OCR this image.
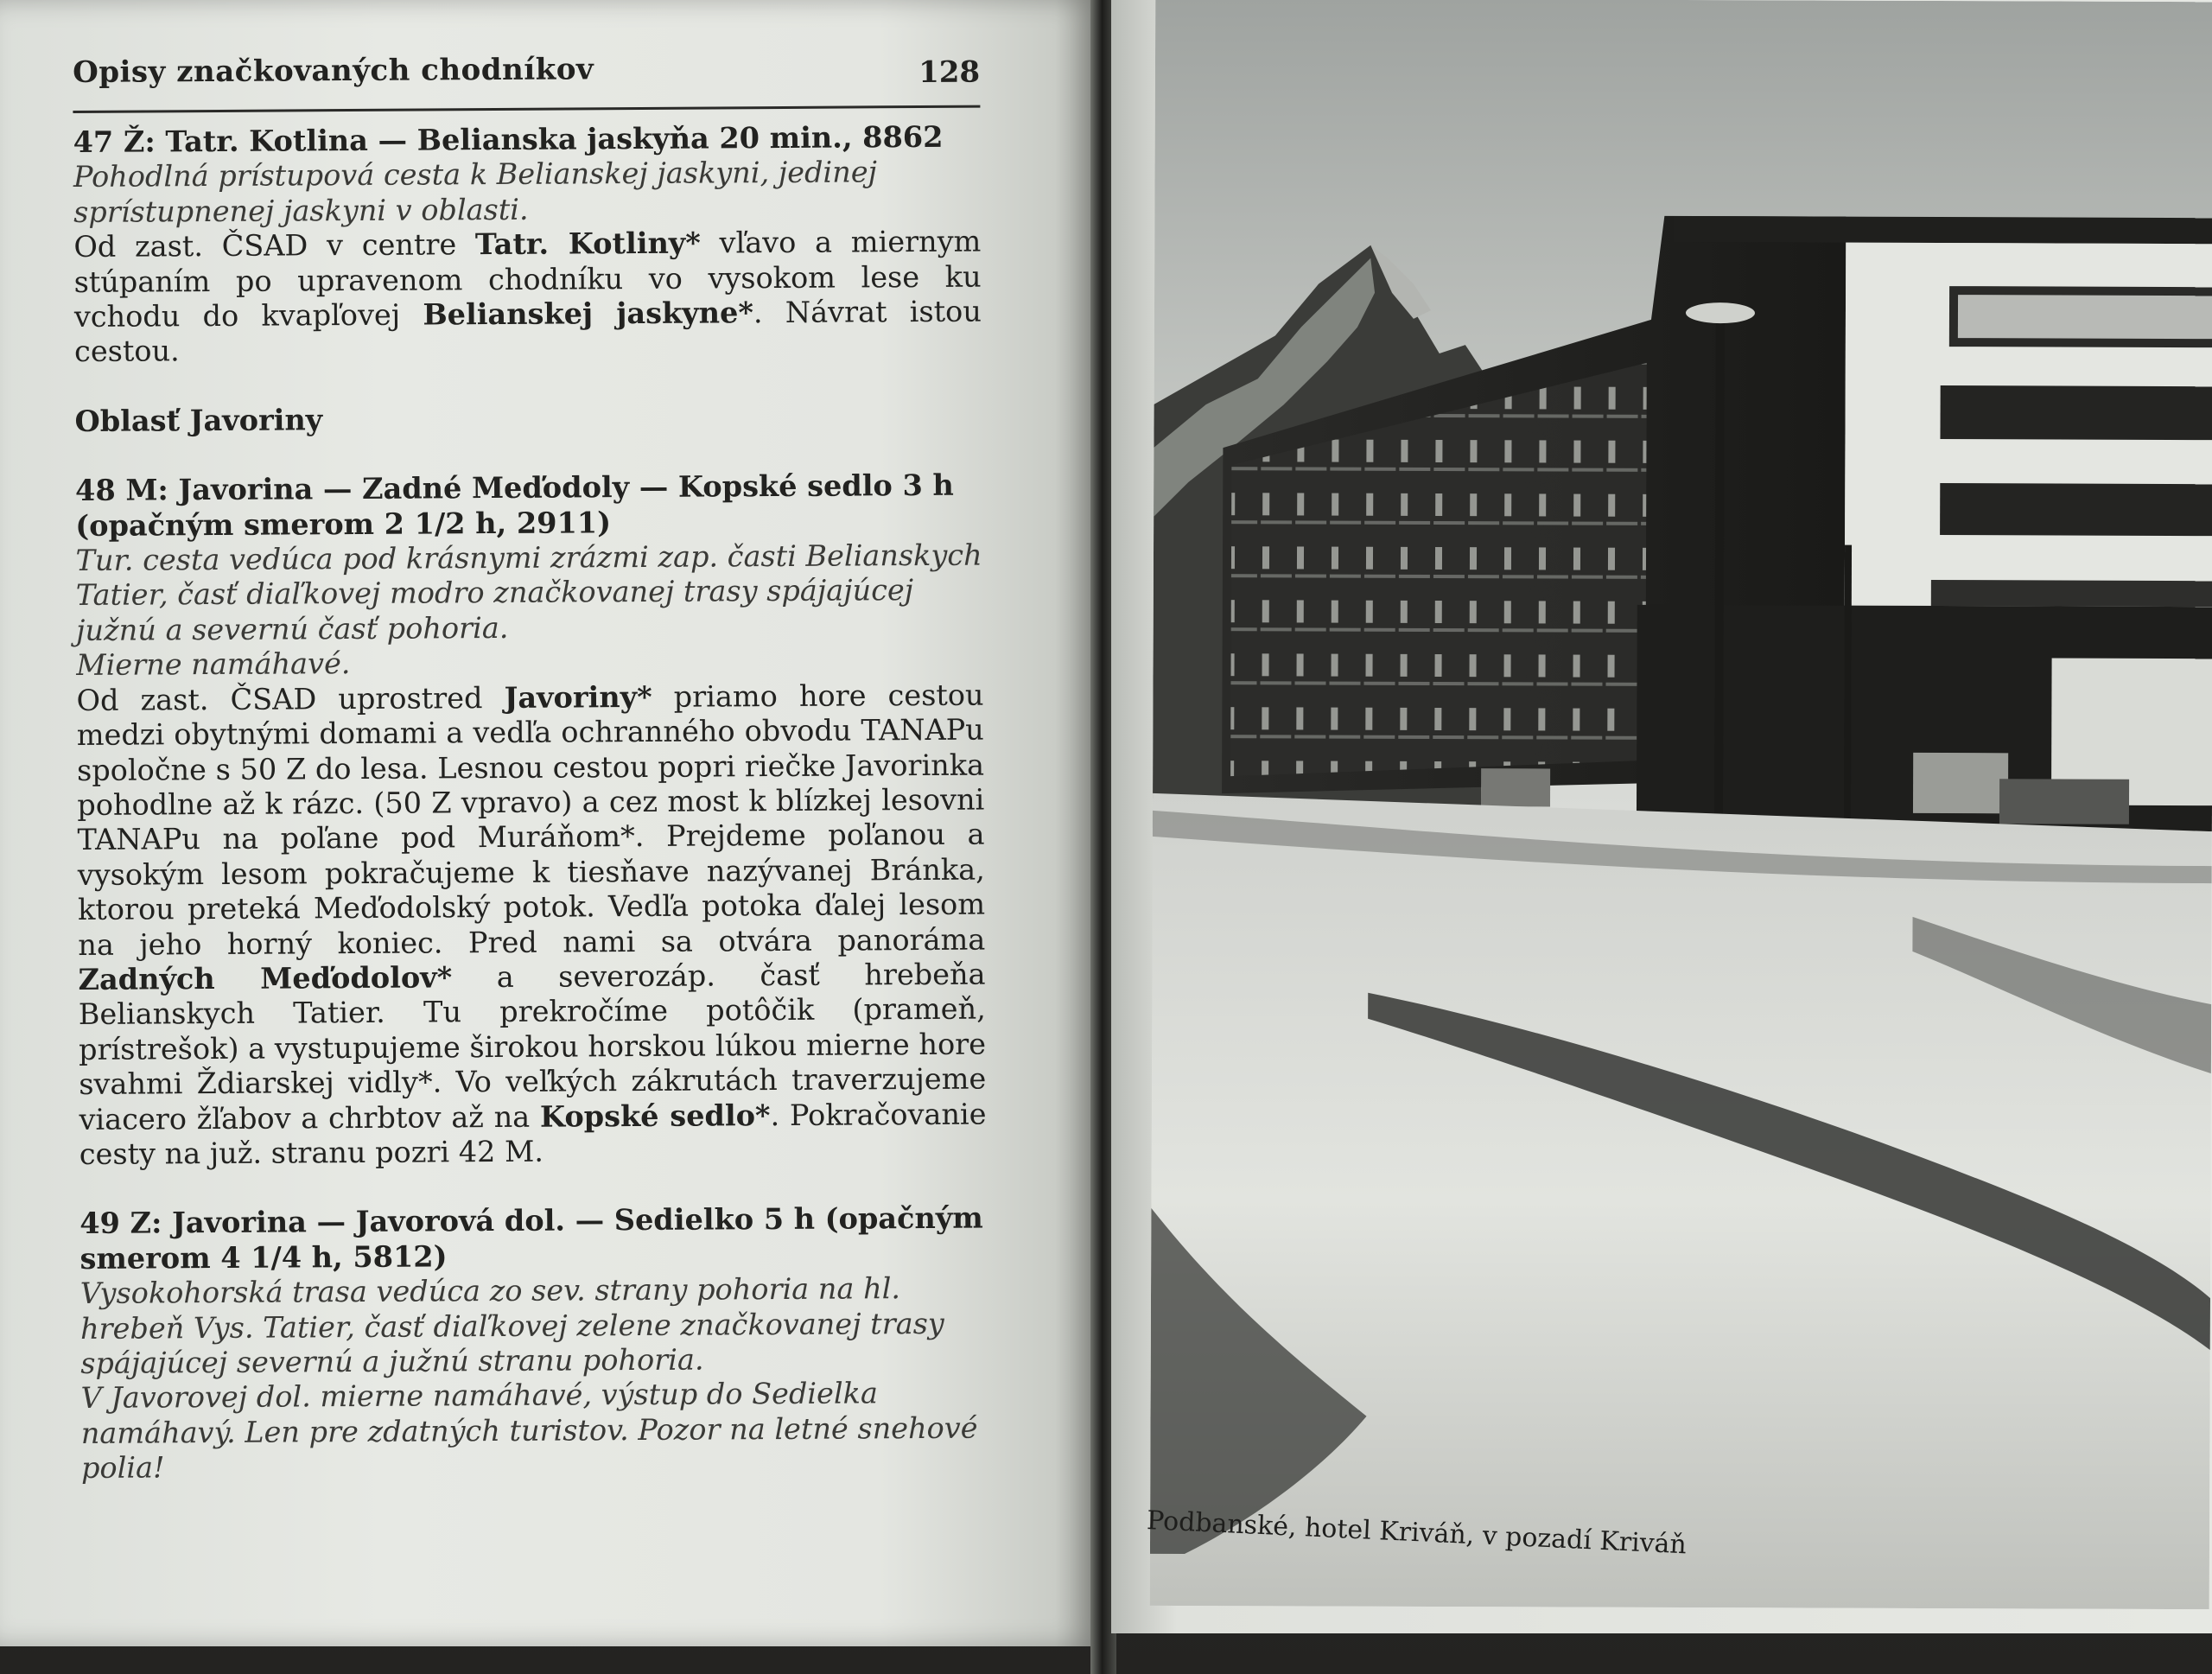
Opisy značkovaných chodníkov	128
47 Ž: Tatr. Kotlina — Belianska jaskyňa 20 min., 8862
Pohodlná prístupová cesta k Belianskej jaskyni, jedinej sprístupnenej jaskyni v oblasti.
Od zast. ČSAD v centre Tatr. Kotliny* vľavo a miernym stúpaním po upravenom chodníku vo vysokom lese ku vchodu do kvapľovej Belianskej jaskyne*. Návrat istou cestou.
Oblasť Javoriny
48 M: Javorina — Zadné Meďodoly — Kopské sedlo 3 h (opačným smerom 2 1/2 h, 2911)
Tur. cesta vedúca pod krásnymi zrázmi zap. časti Belianskych Tatier, časť diaľkovej modro značkovanej trasy spájajúcej južnú a severnú časť pohoria.
Mierne namáhavé.
Od zast. ČSAD uprostred Javoriny* priamo hore cestou medzi obytnými domami a vedľa ochranného obvodu TANAPu spoločne s 50 Z do lesa. Lesnou cestou popri riečke Javorinka pohodlne až k rázc. (50 Z vpravo) a cez most k blízkej lesovni TANAPu na poľane pod Muráňom*. Prejdeme poľanou a vysokým lesom pokračujeme k tiesňave nazývanej Bránka, ktorou preteká Meďodolský potok. Vedľa potoka ďalej lesom na jeho horný koniec. Pred nami sa otvára panoráma Zadných Meďodolov* a severozáp. časť hrebeňa Belianskych Tatier. Tu prekročíme potôčik (prameň, prístrešok) a vystupujeme širokou horskou lúkou mierne hore svahmi Ždiarskej vidly*. Vo veľkých zákrutách traverzujeme viacero žľabov a chrbtov až na Kopské sedlo*. Pokračovanie cesty na juž. stranu pozri 42 M.
49 Z: Javorina — Javorová dol. — Sedielko 5 h (opačným smerom 4 1/4 h, 5812)
Vysokohorská trasa vedúca zo sev. strany pohoria na hl. hrebeň Vys. Tatier, časť diaľkovej zelene značkovanej trasy spájajúcej severnú a južnú stranu pohoria.
V Javorovej dol. mierne namáhavé, výstup do Sedielka namáhavý. Len pre zdatných turistov. Pozor na letné snehové polia!
Podbanské, hotel Kriváň, v pozadí Kriváň
